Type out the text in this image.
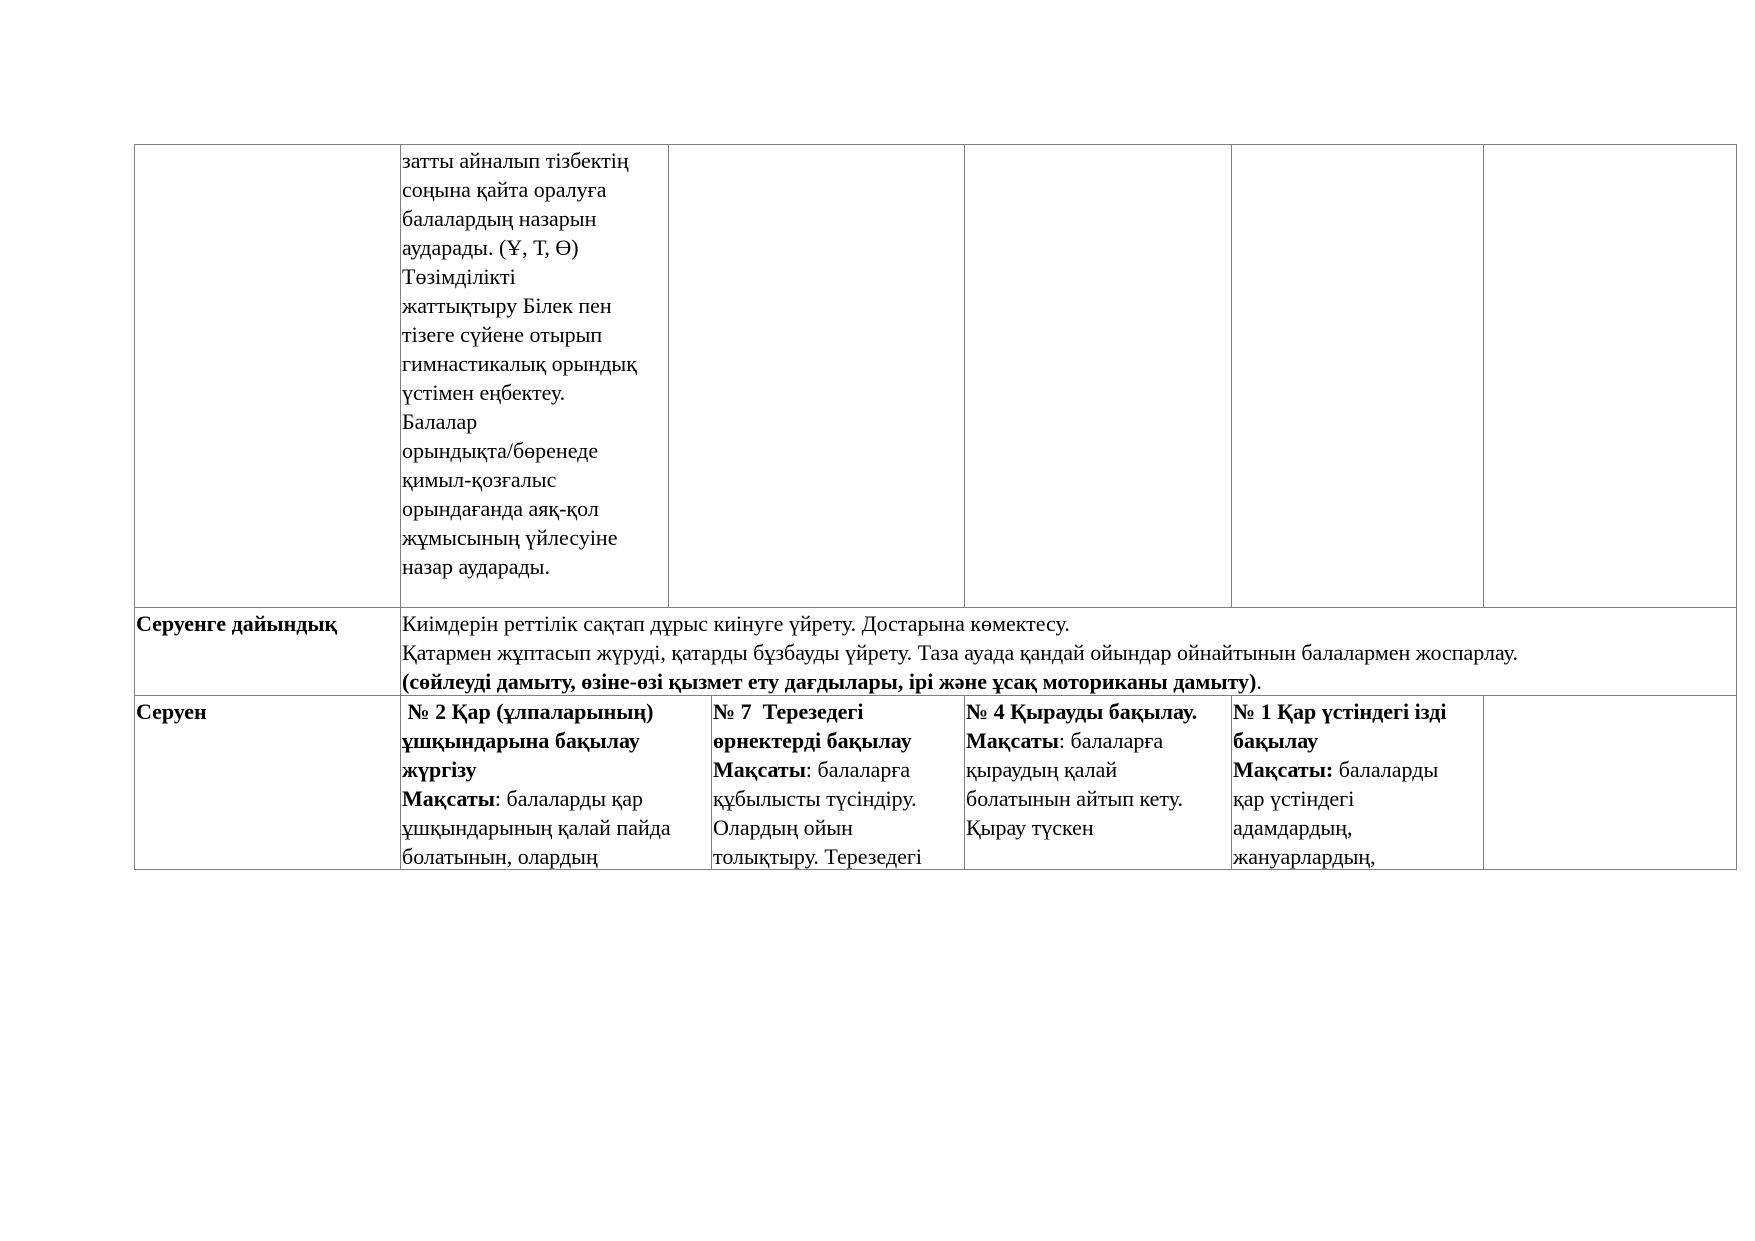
затты айналып тізбектің
соңына қайта оралуға
балалардың назарын
аударады. (Ұ, Т, Ө)
Төзімділікті
жаттықтыру Білек пен
тізеге сүйене отырып
гимнастикалық орындық
үстімен еңбектеу.
Балалар
орындықта/бөренеде
қимыл-қозғалыс
орындағанда аяқ-қол
жұмысының үйлесуіне
назар аударады.
Серуенге дайындық	Киімдерін реттілік сақтап дұрыс киінуге үйрету. Достарына көмектесу.
Қатармен жұптасып жүруді, қатарды бұзбауды үйрету. Таза ауада қандай ойындар ойнайтынын балалармен жоспарлау.
(сөйлеуді дамыту, өзіне-өзі қызмет ету дағдылары, ірі және ұсақ моториканы дамыту).
Серуен	№ 2 Қар (ұлпаларының)
ұшқындарына бақылау
жүргізу
Мақсаты: балаларды қар
ұшқындарының қалай пайда
болатынын, олардың
№ 7  Терезедегі
өрнектерді бақылау
Мақсаты: балаларға
құбылысты түсіндіру.
Олардың ойын
толықтыру. Терезедегі
№ 4 Қырауды бақылау.
Мақсаты: балаларға
қыраудың қалай
болатынын айтып кету.
Қырау түскен
№ 1 Қар үстіндегі ізді
бақылау
Мақсаты: балаларды
қар үстіндегі
адамдардың,
жануарлардың,
